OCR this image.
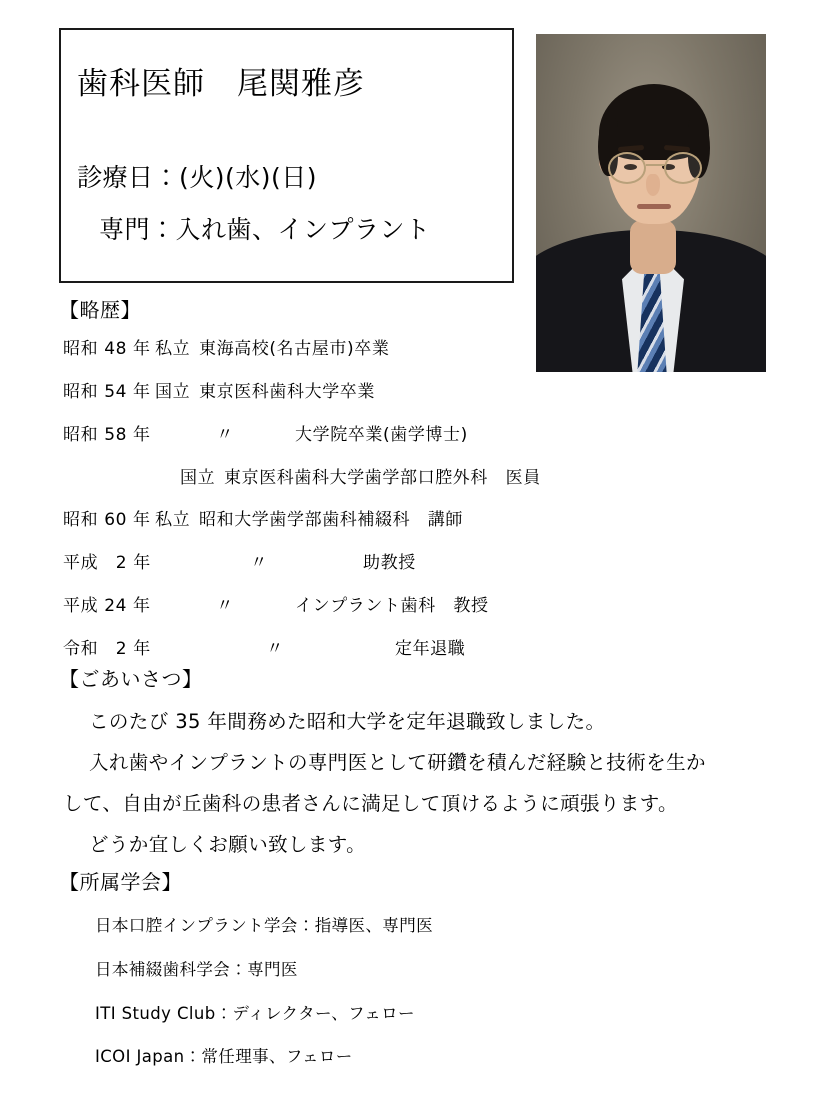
歯科医師　尾関雅彦
診療日：(火)(水)(日)
専門：入れ歯、インプラント
【略歴】
昭和 48 年 私立 東海高校(名古屋市)卒業
昭和 54 年 国立 東京医科歯科大学卒業
昭和 58 年	〃	大学院卒業(歯学博士)
国立 東京医科歯科大学歯学部口腔外科　医員
昭和 60 年 私立 昭和大学歯学部歯科補綴科　講師
平成　2 年	〃	助教授
平成 24 年	〃	インプラント歯科　教授
令和　2 年	〃	定年退職
【ごあいさつ】
このたび 35 年間務めた昭和大学を定年退職致しました。
入れ歯やインプラントの専門医として研鑽を積んだ経験と技術を生か
して、自由が丘歯科の患者さんに満足して頂けるように頑張ります。
どうか宜しくお願い致します。
【所属学会】
日本口腔インプラント学会：指導医、専門医
日本補綴歯科学会：専門医
ITI Study Club：ディレクター、フェロー
ICOI Japan：常任理事、フェロー
